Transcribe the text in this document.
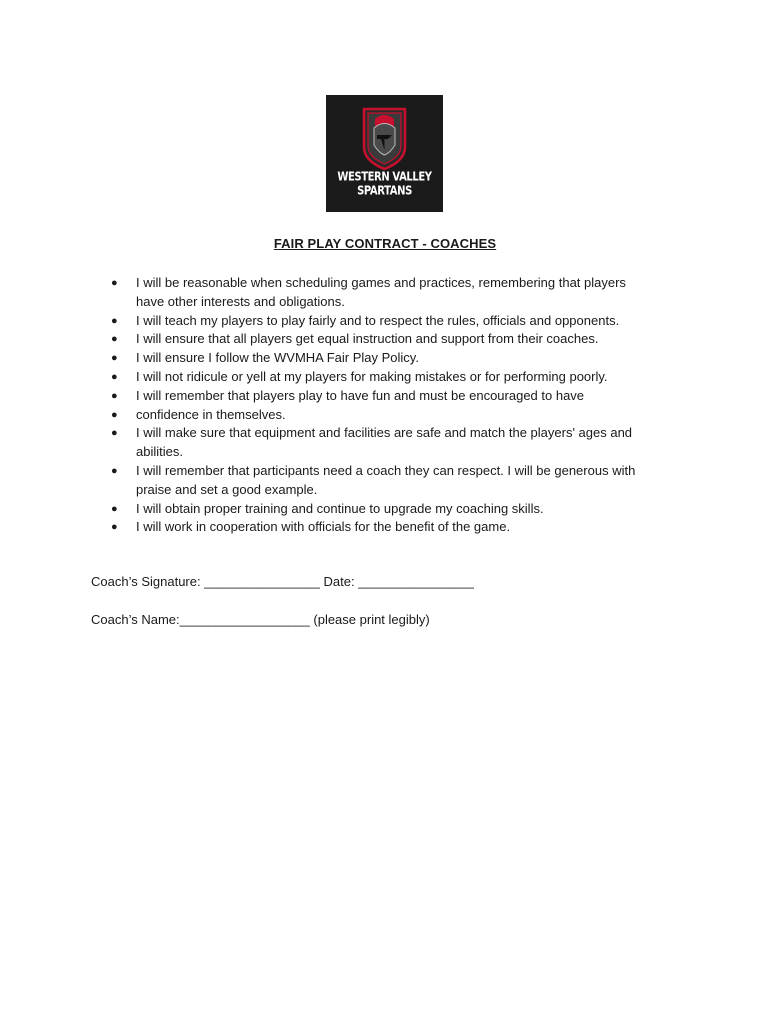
WESTERN VALLEY
SPARTANS
FAIR PLAY CONTRACT - COACHES
● I will be reasonable when scheduling games and practices, remembering that players
have other interests and obligations.
● I will teach my players to play fairly and to respect the rules, officials and opponents.
● I will ensure that all players get equal instruction and support from their coaches.
● I will ensure I follow the WVMHA Fair Play Policy.
● I will not ridicule or yell at my players for making mistakes or for performing poorly.
● I will remember that players play to have fun and must be encouraged to have
● confidence in themselves.
● I will make sure that equipment and facilities are safe and match the players' ages and
abilities.
● I will remember that participants need a coach they can respect. I will be generous with
praise and set a good example.
● I will obtain proper training and continue to upgrade my coaching skills.
● I will work in cooperation with officials for the benefit of the game.
Coach’s Signature: ________________ Date: ________________
Coach’s Name:__________________ (please print legibly)
